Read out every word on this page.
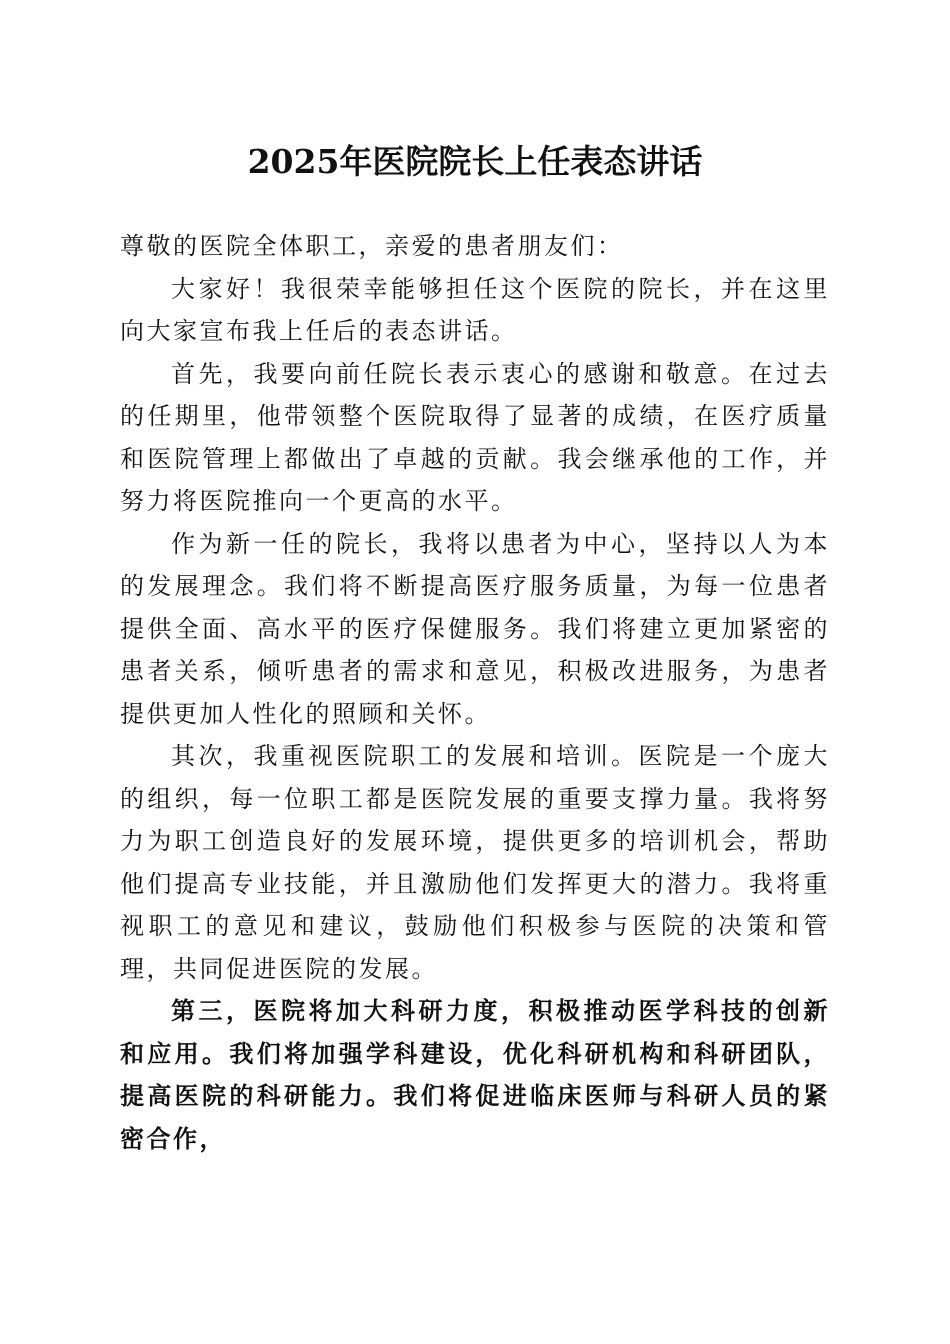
2025年医院院长上任表态讲话

尊敬的医院全体职工，亲爱的患者朋友们：

大家好！我很荣幸能够担任这个医院的院长，并在这里向大家宣布我上任后的表态讲话。

首先，我要向前任院长表示衷心的感谢和敬意。在过去的任期里，他带领整个医院取得了显著的成绩，在医疗质量和医院管理上都做出了卓越的贡献。我会继承他的工作，并努力将医院推向一个更高的水平。

作为新一任的院长，我将以患者为中心，坚持以人为本的发展理念。我们将不断提高医疗服务质量，为每一位患者提供全面、高水平的医疗保健服务。我们将建立更加紧密的患者关系，倾听患者的需求和意见，积极改进服务，为患者提供更加人性化的照顾和关怀。

其次，我重视医院职工的发展和培训。医院是一个庞大的组织，每一位职工都是医院发展的重要支撑力量。我将努力为职工创造良好的发展环境，提供更多的培训机会，帮助他们提高专业技能，并且激励他们发挥更大的潜力。我将重视职工的意见和建议，鼓励他们积极参与医院的决策和管理，共同促进医院的发展。

第三，医院将加大科研力度，积极推动医学科技的创新和应用。我们将加强学科建设，优化科研机构和科研团队，提高医院的科研能力。我们将促进临床医师与科研人员的紧密合作，
